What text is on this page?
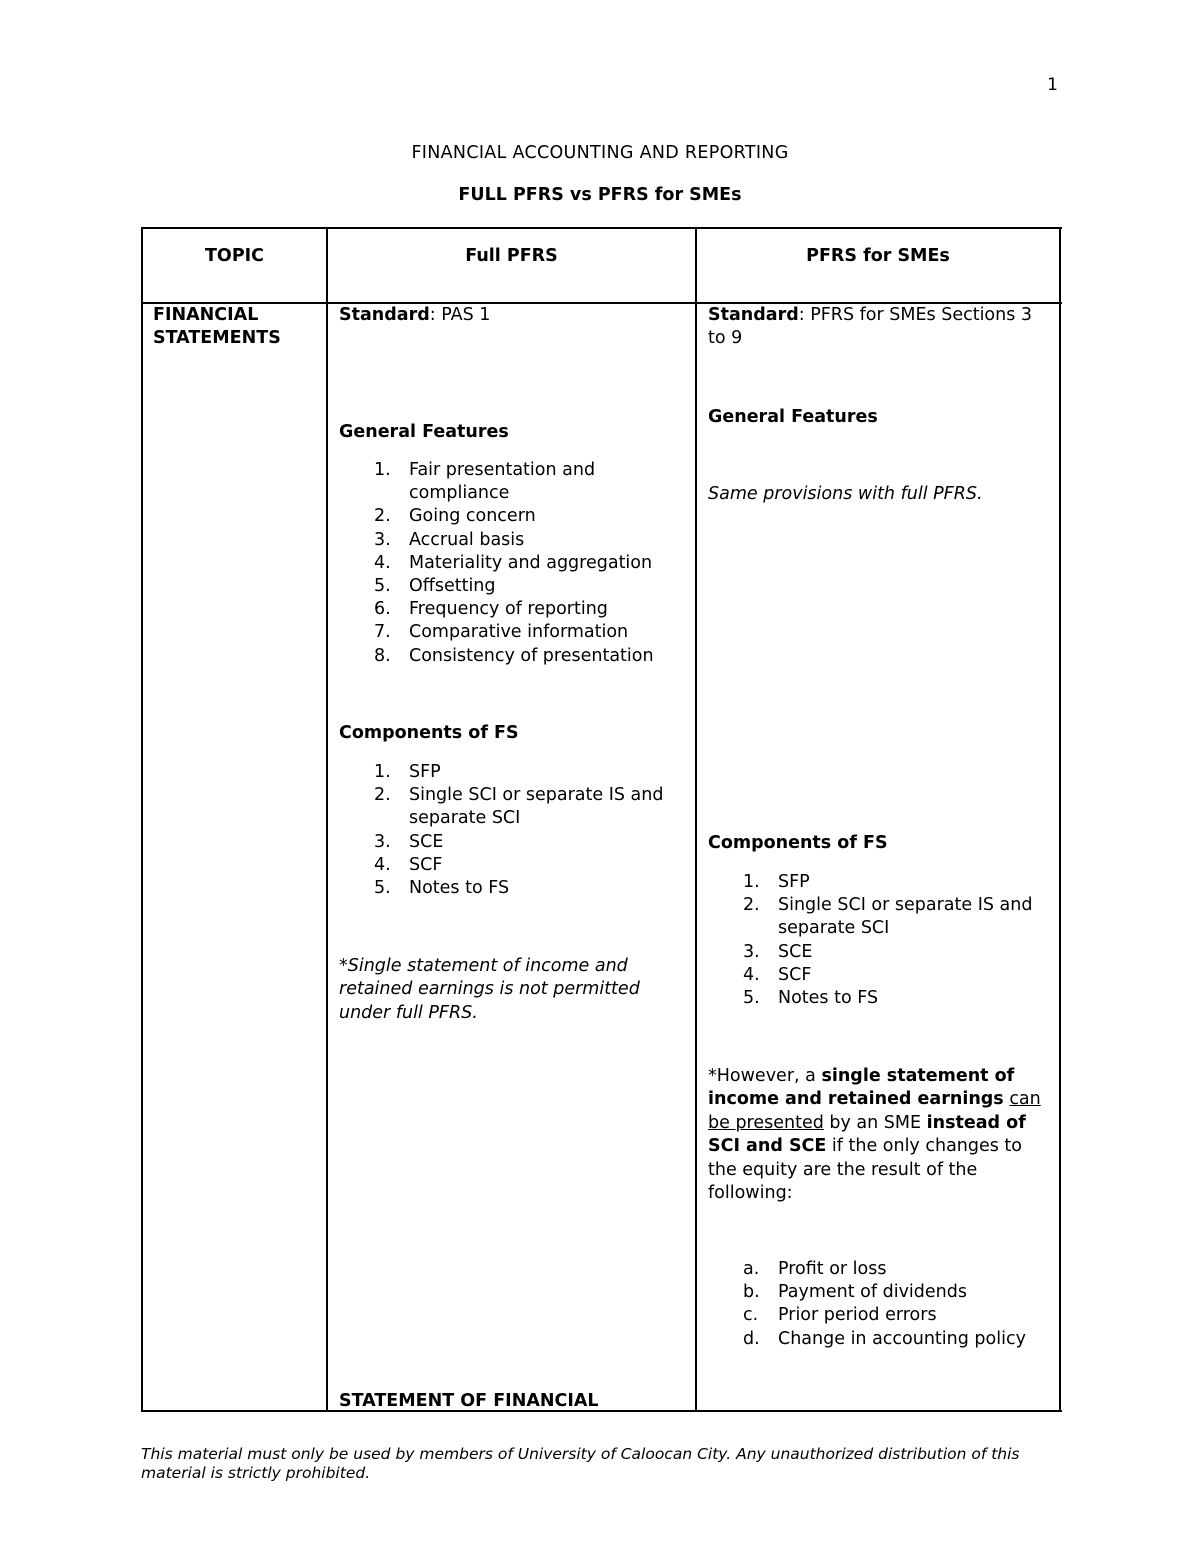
1
FINANCIAL ACCOUNTING AND REPORTING
FULL PFRS vs PFRS for SMEs
TOPIC	Full PFRS	PFRS for SMEs
FINANCIAL
STATEMENTS
Standard: PAS 1
General Features
1. Fair presentation and compliance
2. Going concern
3. Accrual basis
4. Materiality and aggregation
5. Offsetting
6. Frequency of reporting
7. Comparative information
8. Consistency of presentation
Components of FS
1. SFP
2. Single SCI or separate IS and separate SCI
3. SCE
4. SCF
5. Notes to FS
*Single statement of income and retained earnings is not permitted under full PFRS.
STATEMENT OF FINANCIAL
Standard: PFRS for SMEs Sections 3 to 9
General Features
Same provisions with full PFRS.
Components of FS
1. SFP
2. Single SCI or separate IS and separate SCI
3. SCE
4. SCF
5. Notes to FS
*However, a single statement of income and retained earnings can be presented by an SME instead of SCI and SCE if the only changes to the equity are the result of the following:
a. Profit or loss
b. Payment of dividends
c. Prior period errors
d. Change in accounting policy
This material must only be used by members of University of Caloocan City. Any unauthorized distribution of this material is strictly prohibited.
